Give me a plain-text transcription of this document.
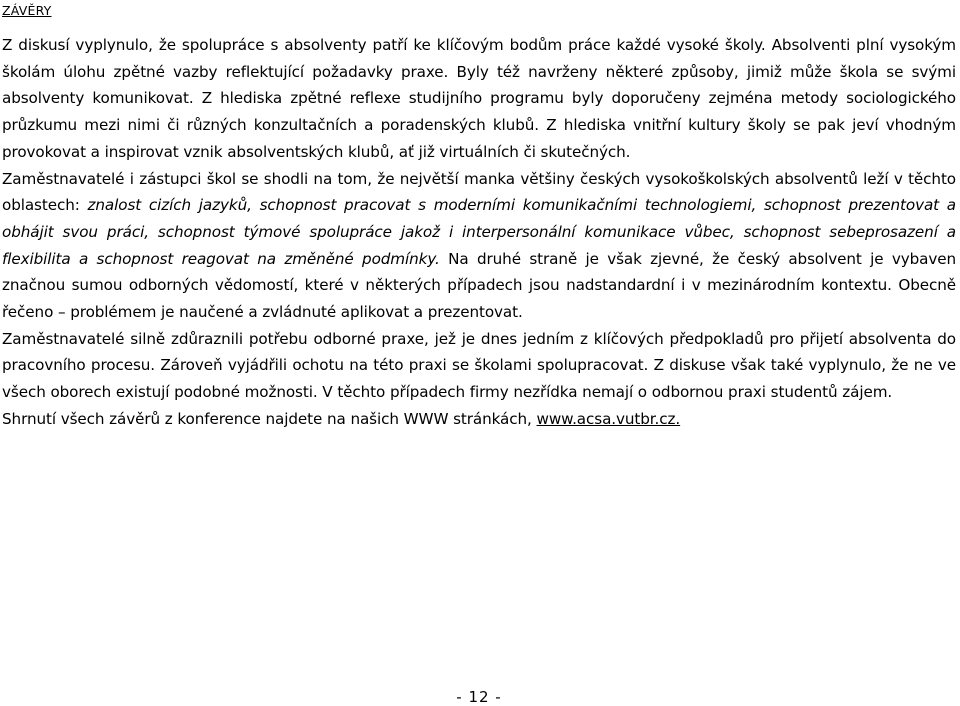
ZÁVĚRY

Z diskusí vyplynulo, že spolupráce s absolventy patří ke klíčovým bodům práce každé vysoké školy. Absolventi plní vysokým školám úlohu zpětné vazby reflektující požadavky praxe. Byly též navrženy některé způsoby, jimiž může škola se svými absolventy komunikovat. Z hlediska zpětné reflexe studijního programu byly doporučeny zejména metody sociologického průzkumu mezi nimi či různých konzultačních a poradenských klubů. Z hlediska vnitřní kultury školy se pak jeví vhodným provokovat a inspirovat vznik absolventských klubů, ať již virtuálních či skutečných.

Zaměstnavatelé i zástupci škol se shodli na tom, že největší manka většiny českých vysokoškolských absolventů leží v těchto oblastech: znalost cizích jazyků, schopnost pracovat s moderními komunikačními technologiemi, schopnost prezentovat a obhájit svou práci, schopnost týmové spolupráce jakož i interpersonální komunikace vůbec, schopnost sebeprosazení a flexibilita a schopnost reagovat na změněné podmínky. Na druhé straně je však zjevné, že český absolvent je vybaven značnou sumou odborných vědomostí, které v některých případech jsou nadstandardní i v mezinárodním kontextu. Obecně řečeno – problémem je naučené a zvládnuté aplikovat a prezentovat.

Zaměstnavatelé silně zdůraznili potřebu odborné praxe, jež je dnes jedním z klíčových předpokladů pro přijetí absolventa do pracovního procesu. Zároveň vyjádřili ochotu na této praxi se školami spolupracovat. Z diskuse však také vyplynulo, že ne ve všech oborech existují podobné možnosti. V těchto případech firmy nezřídka nemají o odbornou praxi studentů zájem.

Shrnutí všech závěrů z konference najdete na našich WWW stránkách, www.acsa.vutbr.cz.

- 12 -
